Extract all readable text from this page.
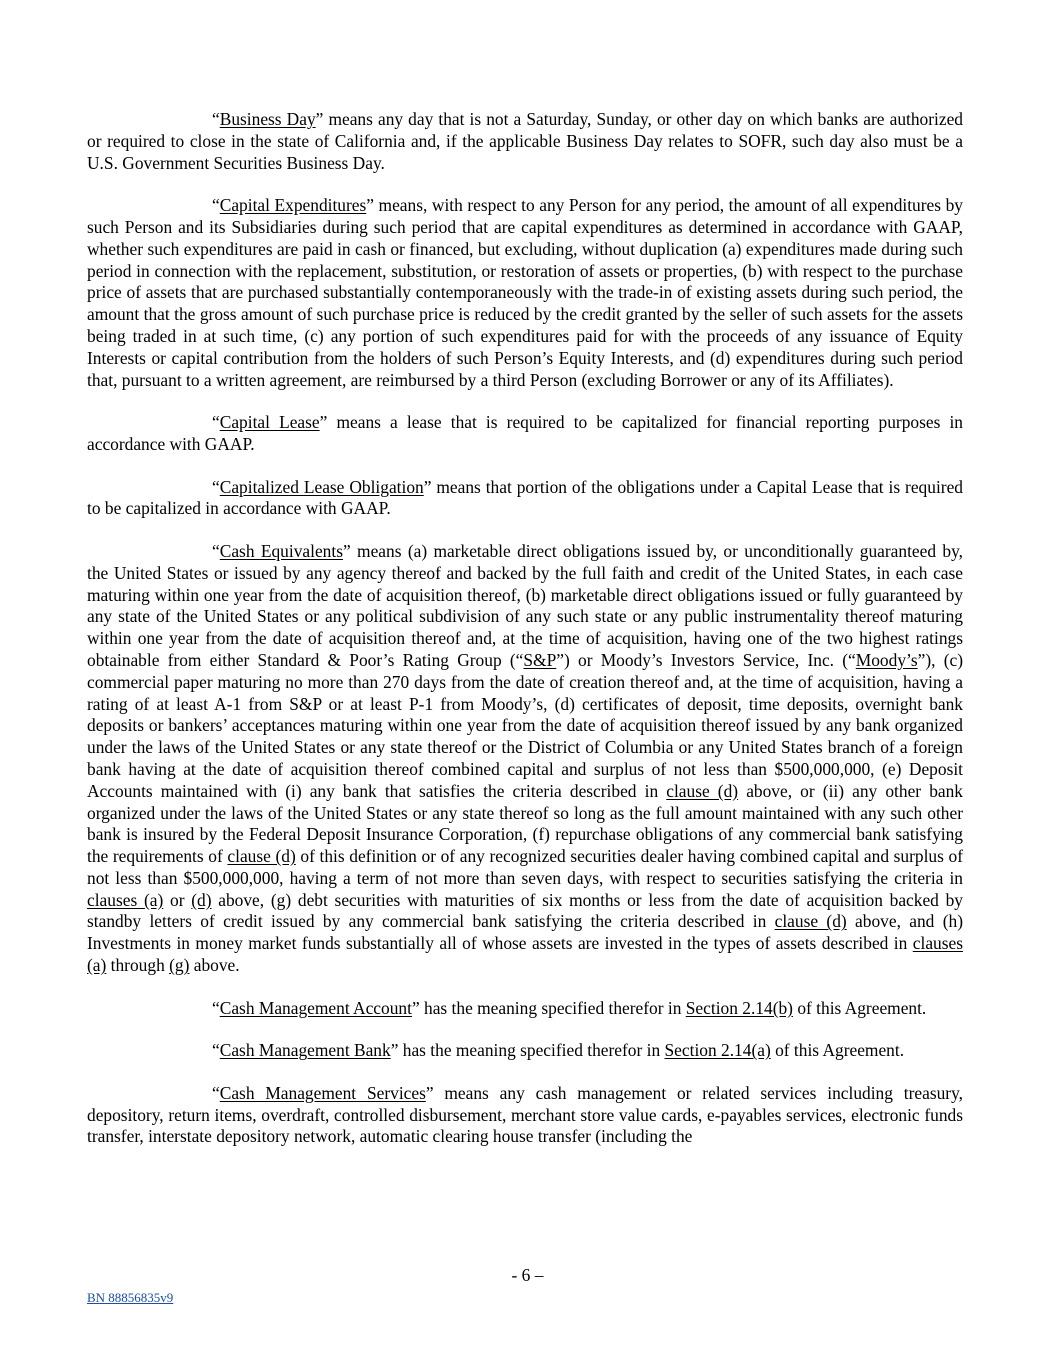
“Business Day” means any day that is not a Saturday, Sunday, or other day on which banks are authorized or required to close in the state of California and, if the applicable Business Day relates to SOFR, such day also must be a U.S. Government Securities Business Day.

“Capital Expenditures” means, with respect to any Person for any period, the amount of all expenditures by such Person and its Subsidiaries during such period that are capital expenditures as determined in accordance with GAAP, whether such expenditures are paid in cash or financed, but excluding, without duplication (a) expenditures made during such period in connection with the replacement, substitution, or restoration of assets or properties, (b) with respect to the purchase price of assets that are purchased substantially contemporaneously with the trade-in of existing assets during such period, the amount that the gross amount of such purchase price is reduced by the credit granted by the seller of such assets for the assets being traded in at such time, (c) any portion of such expenditures paid for with the proceeds of any issuance of Equity Interests or capital contribution from the holders of such Person’s Equity Interests, and (d) expenditures during such period that, pursuant to a written agreement, are reimbursed by a third Person (excluding Borrower or any of its Affiliates).

“Capital Lease” means a lease that is required to be capitalized for financial reporting purposes in accordance with GAAP.

“Capitalized Lease Obligation” means that portion of the obligations under a Capital Lease that is required to be capitalized in accordance with GAAP.

“Cash Equivalents” means (a) marketable direct obligations issued by, or unconditionally guaranteed by, the United States or issued by any agency thereof and backed by the full faith and credit of the United States, in each case maturing within one year from the date of acquisition thereof, (b) marketable direct obligations issued or fully guaranteed by any state of the United States or any political subdivision of any such state or any public instrumentality thereof maturing within one year from the date of acquisition thereof and, at the time of acquisition, having one of the two highest ratings obtainable from either Standard & Poor’s Rating Group (“S&P”) or Moody’s Investors Service, Inc. (“Moody’s”), (c) commercial paper maturing no more than 270 days from the date of creation thereof and, at the time of acquisition, having a rating of at least A-1 from S&P or at least P-1 from Moody’s, (d) certificates of deposit, time deposits, overnight bank deposits or bankers’ acceptances maturing within one year from the date of acquisition thereof issued by any bank organized under the laws of the United States or any state thereof or the District of Columbia or any United States branch of a foreign bank having at the date of acquisition thereof combined capital and surplus of not less than $500,000,000, (e) Deposit Accounts maintained with (i) any bank that satisfies the criteria described in clause (d) above, or (ii) any other bank organized under the laws of the United States or any state thereof so long as the full amount maintained with any such other bank is insured by the Federal Deposit Insurance Corporation, (f) repurchase obligations of any commercial bank satisfying the requirements of clause (d) of this definition or of any recognized securities dealer having combined capital and surplus of not less than $500,000,000, having a term of not more than seven days, with respect to securities satisfying the criteria in clauses (a) or (d) above, (g) debt securities with maturities of six months or less from the date of acquisition backed by standby letters of credit issued by any commercial bank satisfying the criteria described in clause (d) above, and (h) Investments in money market funds substantially all of whose assets are invested in the types of assets described in clauses (a) through (g) above.

“Cash Management Account” has the meaning specified therefor in Section 2.14(b) of this Agreement.

“Cash Management Bank” has the meaning specified therefor in Section 2.14(a) of this Agreement.

“Cash Management Services” means any cash management or related services including treasury, depository, return items, overdraft, controlled disbursement, merchant store value cards, e-payables services, electronic funds transfer, interstate depository network, automatic clearing house transfer (including the

- 6 –
BN 88856835v9
